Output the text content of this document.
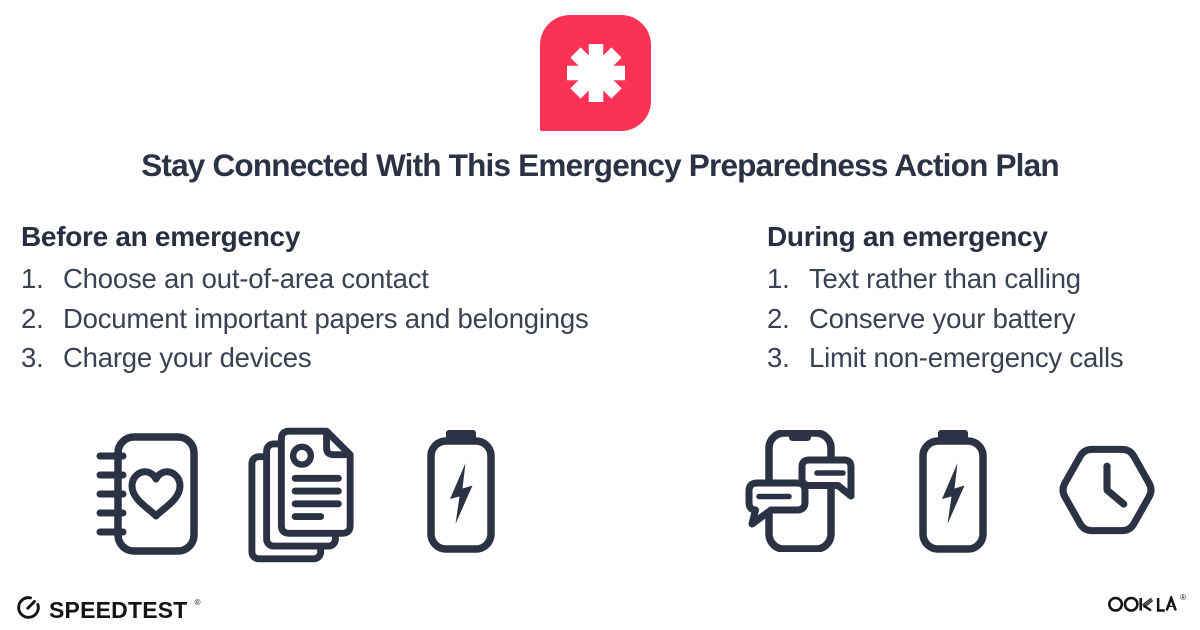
Stay Connected With This Emergency Preparedness Action Plan
Before an emergency
1. Choose an out-of-area contact
2. Document important papers and belongings
3. Charge your devices
During an emergency
1. Text rather than calling
2. Conserve your battery
3. Limit non-emergency calls
SPEEDTEST ®
®
